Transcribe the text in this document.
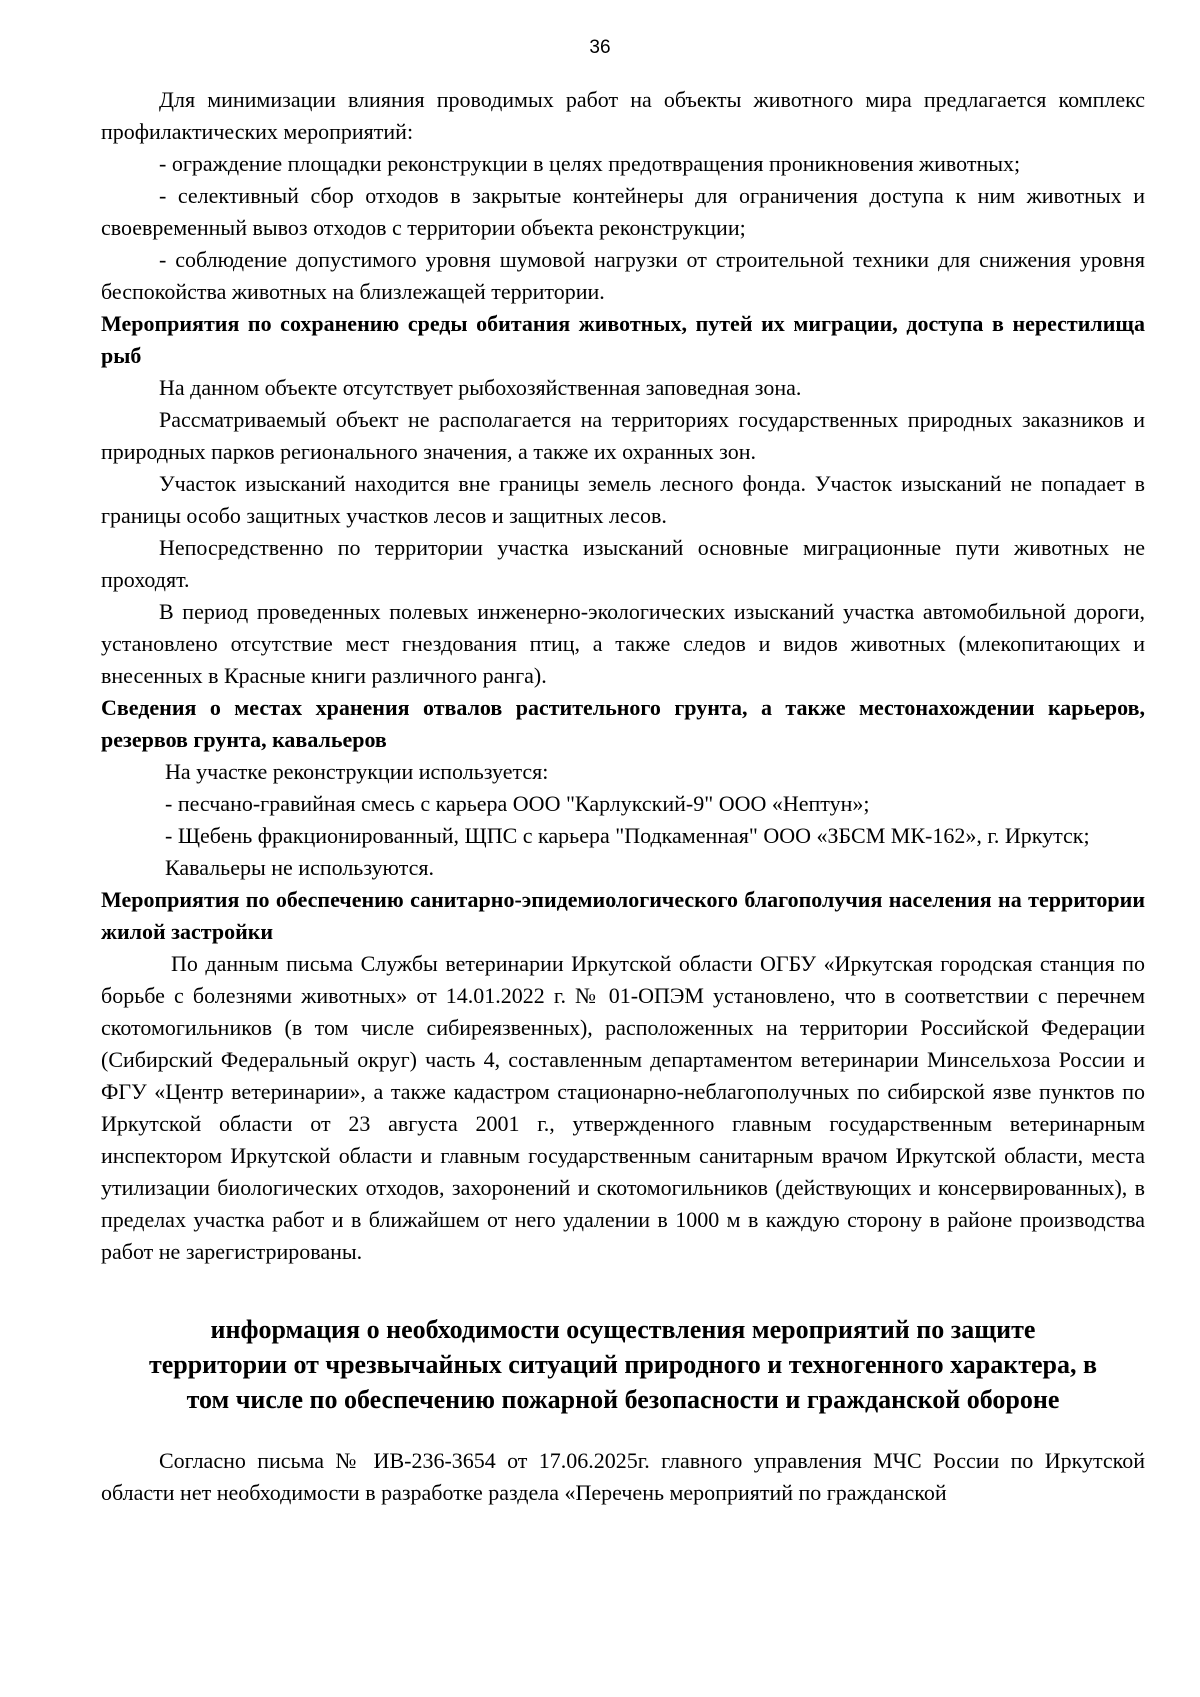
36

Для минимизации влияния проводимых работ на объекты животного мира предлагается комплекс профилактических мероприятий:

- ограждение площадки реконструкции в целях предотвращения проникновения животных;

- селективный сбор отходов в закрытые контейнеры для ограничения доступа к ним животных и своевременный вывоз отходов с территории объекта реконструкции;

- соблюдение допустимого уровня шумовой нагрузки от строительной техники для снижения уровня беспокойства животных на близлежащей территории.

Мероприятия по сохранению среды обитания животных, путей их миграции, доступа в нерестилища рыб

На данном объекте отсутствует рыбохозяйственная заповедная зона.

Рассматриваемый объект не располагается на территориях государственных природных заказников и природных парков регионального значения, а также их охранных зон.

Участок изысканий находится вне границы земель лесного фонда. Участок изысканий не попадает в границы особо защитных участков лесов и защитных лесов.

Непосредственно по территории участка изысканий основные миграционные пути животных не проходят.

В период проведенных полевых инженерно-экологических изысканий участка автомобильной дороги, установлено отсутствие мест гнездования птиц, а также следов и видов животных (млекопитающих и внесенных в Красные книги различного ранга).

Сведения о местах хранения отвалов растительного грунта, а также местонахождении карьеров, резервов грунта, кавальеров

На участке реконструкции используется:

- песчано-гравийная смесь с карьера ООО "Карлукский-9" ООО «Нептун»;

- Щебень фракционированный, ЩПС с карьера "Подкаменная" ООО «ЗБСМ МК-162», г. Иркутск;

Кавальеры не используются.

Мероприятия по обеспечению санитарно-эпидемиологического благополучия населения на территории жилой застройки

По данным письма Службы ветеринарии Иркутской области ОГБУ «Иркутская городская станция по борьбе с болезнями животных» от 14.01.2022 г. № 01-ОПЭМ установлено, что в соответствии с перечнем скотомогильников (в том числе сибиреязвенных), расположенных на территории Российской Федерации (Сибирский Федеральный округ) часть 4, составленным департаментом ветеринарии Минсельхоза России и ФГУ «Центр ветеринарии», а также кадастром стационарно-неблагополучных по сибирской язве пунктов по Иркутской области от 23 августа 2001 г., утвержденного главным государственным ветеринарным инспектором Иркутской области и главным государственным санитарным врачом Иркутской области, места утилизации биологических отходов, захоронений и скотомогильников (действующих и консервированных), в пределах участка работ и в ближайшем от него удалении в 1000 м в каждую сторону в районе производства работ не зарегистрированы.

информация о необходимости осуществления мероприятий по защите территории от чрезвычайных ситуаций природного и техногенного характера, в том числе по обеспечению пожарной безопасности и гражданской обороне

Согласно письма № ИВ-236-3654 от 17.06.2025г. главного управления МЧС России по Иркутской области нет необходимости в разработке раздела «Перечень мероприятий по гражданской
